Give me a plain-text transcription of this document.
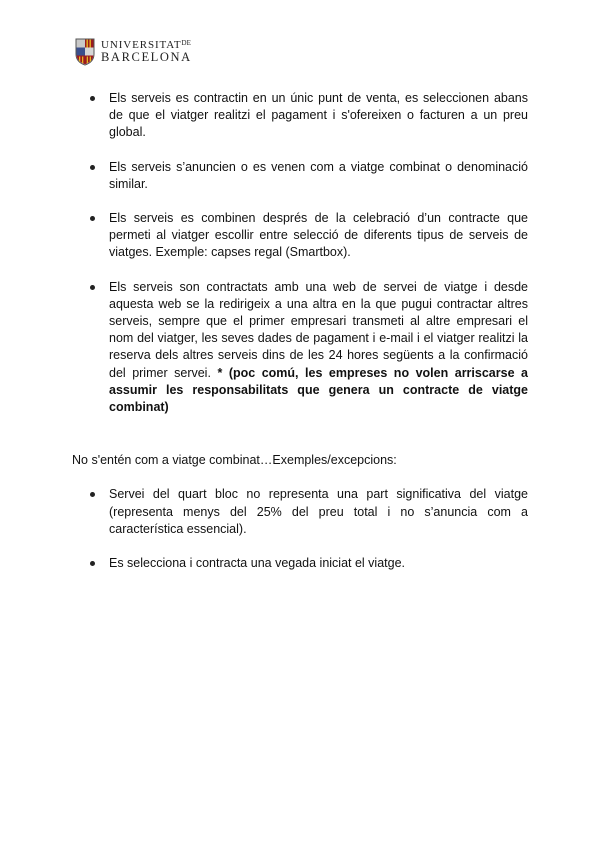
$UNIVERSITAT^{DE}$
BARCELONA
Els serveis es contractin en un únic punt de venta, es seleccionen abans de que el viatger realitzi el pagament i s'ofereixen o facturen a un preu global.
Els serveis s’anuncien o es venen com a viatge combinat o denominació similar.
Els serveis es combinen després de la celebració d’un contracte que permeti al viatger escollir entre selecció de diferents tipus de serveis de viatges. Exemple: capses regal (Smartbox).
Els serveis son contractats amb una web de servei de viatge i desde aquesta web se la redirigeix a una altra en la que pugui contractar altres serveis, sempre que el primer empresari transmeti al altre empresari el nom del viatger, les seves dades de pagament i e-mail i el viatger realitzi la reserva dels altres serveis dins de les 24 hores següents a la confirmació del primer servei. * (poc comú, les empreses no volen arriscarse a assumir les responsabilitats que genera un contracte de viatge combinat)

No s'entén com a viatge combinat…Exemples/excepcions:

Servei del quart bloc no representa una part significativa del viatge (representa menys del 25% del preu total i no s’anuncia com a característica essencial).
Es selecciona i contracta una vegada iniciat el viatge.
